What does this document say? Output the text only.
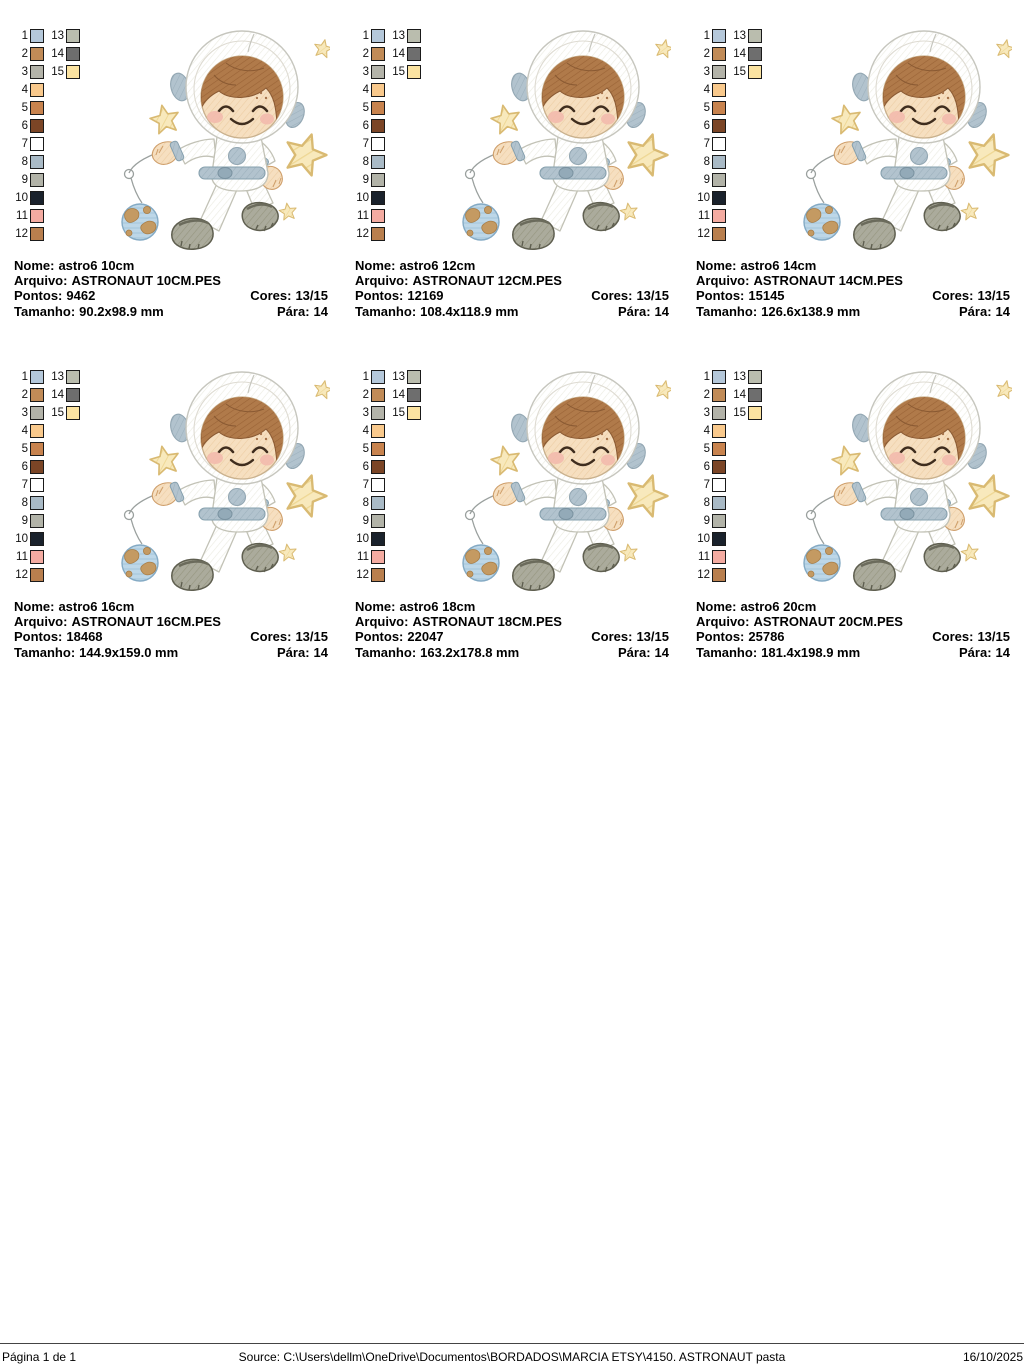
1	13
2	14
3	15
4
5
6
7
8
9
10
11
12
Nome: astro6 10cm
Arquivo: ASTRONAUT 10CM.PES
Pontos: 9462	Cores: 13/15
Tamanho: 90.2x98.9 mm	Pára: 14
1	13
2	14
3	15
4
5
6
7
8
9
10
11
12
Nome: astro6 12cm
Arquivo: ASTRONAUT 12CM.PES
Pontos: 12169	Cores: 13/15
Tamanho: 108.4x118.9 mm	Pára: 14
1	13
2	14
3	15
4
5
6
7
8
9
10
11
12
Nome: astro6 14cm
Arquivo: ASTRONAUT 14CM.PES
Pontos: 15145	Cores: 13/15
Tamanho: 126.6x138.9 mm	Pára: 14
1	13
2	14
3	15
4
5
6
7
8
9
10
11
12
Nome: astro6 16cm
Arquivo: ASTRONAUT 16CM.PES
Pontos: 18468	Cores: 13/15
Tamanho: 144.9x159.0 mm	Pára: 14
1	13
2	14
3	15
4
5
6
7
8
9
10
11
12
Nome: astro6 18cm
Arquivo: ASTRONAUT 18CM.PES
Pontos: 22047	Cores: 13/15
Tamanho: 163.2x178.8 mm	Pára: 14
1	13
2	14
3	15
4
5
6
7
8
9
10
11
12
Nome: astro6 20cm
Arquivo: ASTRONAUT 20CM.PES
Pontos: 25786	Cores: 13/15
Tamanho: 181.4x198.9 mm	Pára: 14
Source: C:\Users\dellm\OneDrive\Documentos\BORDADOS\MARCIA ETSY\4150. ASTRONAUT pasta
Página 1 de 1	16/10/2025
